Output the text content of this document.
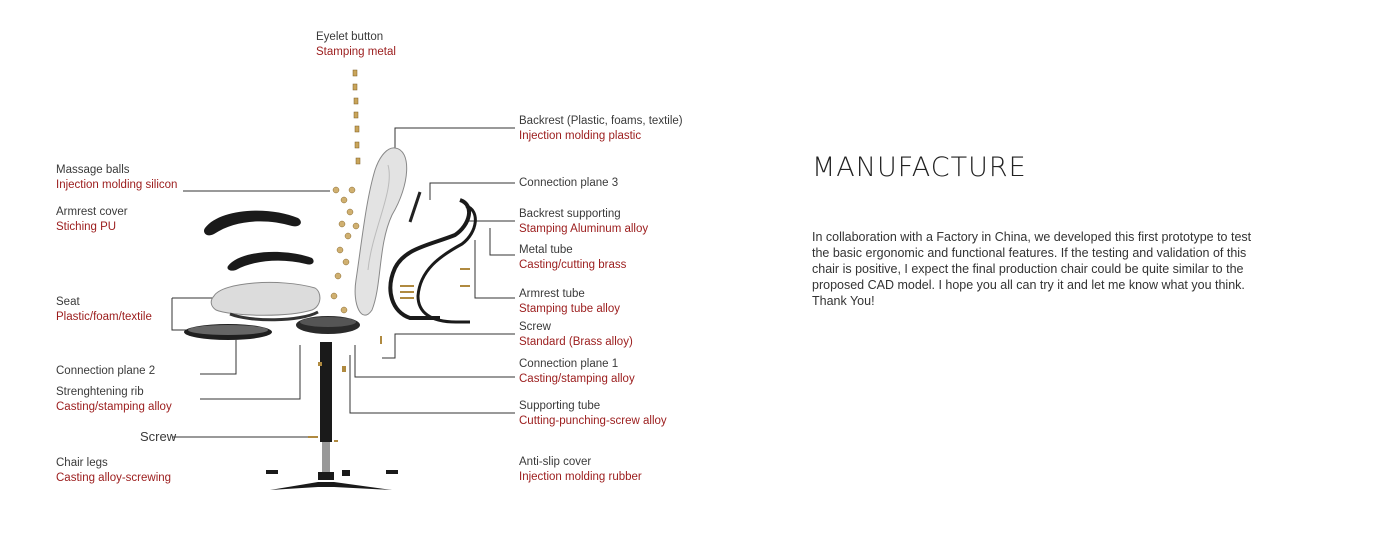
Eyelet button
Stamping metal
Massage balls
Injection molding silicon
Armrest cover
Stiching PU
Seat
Plastic/foam/textile
Connection plane 2
Strenghtening rib
Casting/stamping alloy
Screw
Chair legs
Casting alloy-screwing
Backrest (Plastic, foams, textile)
Injection molding plastic
Connection plane 3
Backrest supporting
Stamping Aluminum alloy
Metal tube
Casting/cutting brass
Armrest tube
Stamping tube alloy
Screw
Standard (Brass alloy)
Connection plane 1
Casting/stamping alloy
Supporting tube
Cutting-punching-screw alloy
Anti-slip cover
Injection molding rubber
MANUFACTURE
In collaboration with a Factory in China, we developed this first prototype to test the basic ergonomic and functional features. If the testing and validation of this chair is positive, I expect the final production chair could be quite similar to the proposed CAD model. I hope you all can try it and let me know what you think. Thank You!
